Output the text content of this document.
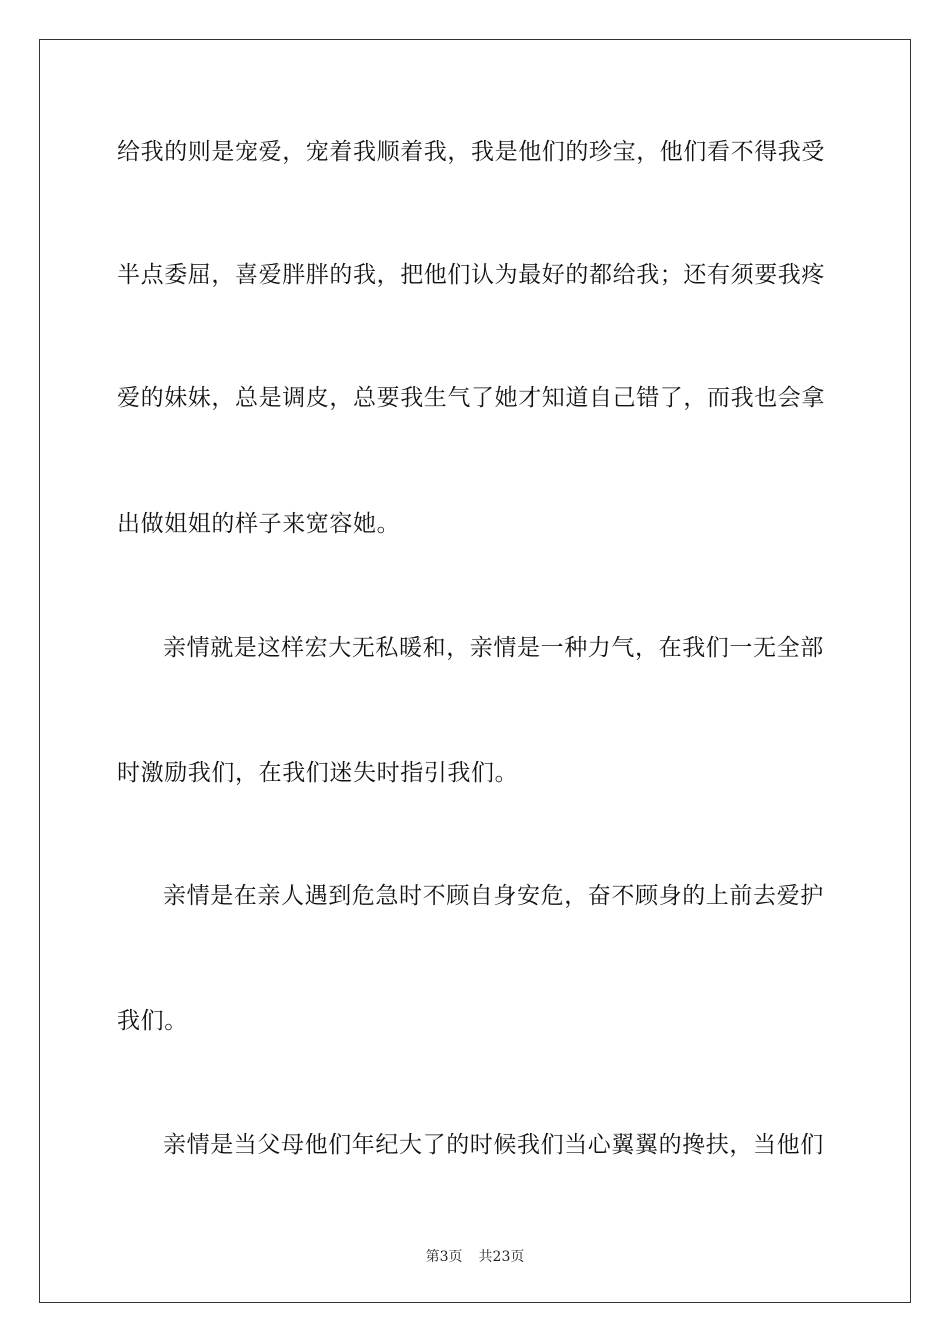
给我的则是宠爱，宠着我顺着我，我是他们的珍宝，他们看不得我受
半点委屈，喜爱胖胖的我，把他们认为最好的都给我；还有须要我疼
爱的妹妹，总是调皮，总要我生气了她才知道自己错了，而我也会拿
出做姐姐的样子来宽容她。
亲情就是这样宏大无私暖和，亲情是一种力气，在我们一无全部
时激励我们，在我们迷失时指引我们。
亲情是在亲人遇到危急时不顾自身安危，奋不顾身的上前去爱护
我们。
亲情是当父母他们年纪大了的时候我们当心翼翼的搀扶，当他们
第3页 共23页
